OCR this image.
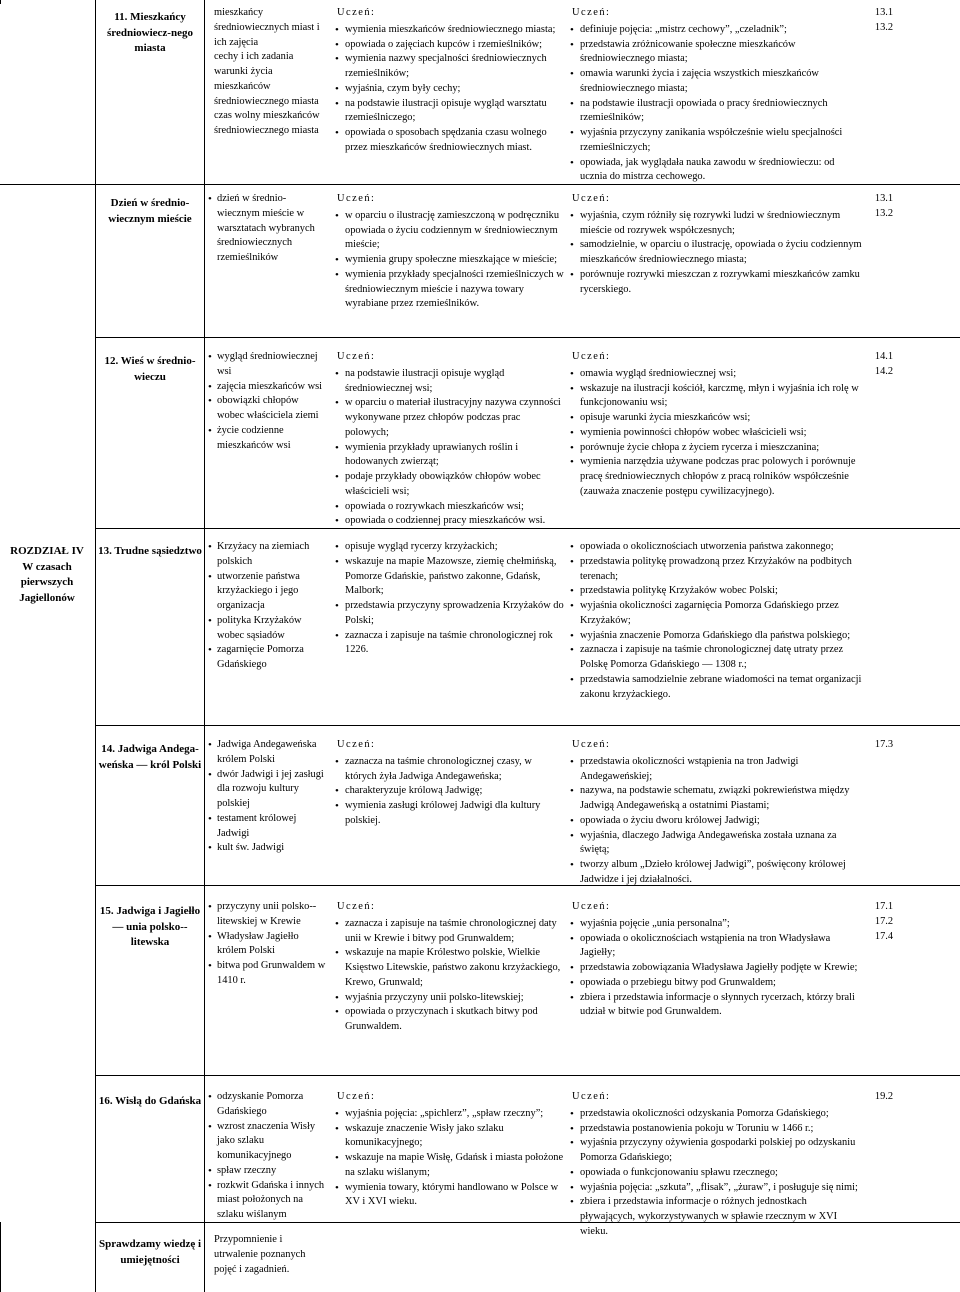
11. Mieszkańcy średniowiecz-nego miasta
mieszkańcy średniowiecznych miast i ich zajęcia
cechy i ich zadania
warunki życia mieszkańców średniowiecznego miasta
czas wolny mieszkańców średniowiecznego miasta
Uczeń:
• wymienia mieszkańców średniowiecznego miasta;
• opowiada o zajęciach kupców i rzemieślników;
• wymienia nazwy specjalności średniowiecznych rzemieślników;
• wyjaśnia, czym były cechy;
• na podstawie ilustracji opisuje wygląd warsztatu rzemieślniczego;
• opowiada o sposobach spędzania czasu wolnego przez mieszkańców średniowiecznych miast.
Uczeń:
• definiuje pojęcia: „mistrz cechowy”, „czeladnik”;
• przedstawia zróżnicowanie społeczne mieszkańców średniowiecznego miasta;
• omawia warunki życia i zajęcia wszystkich mieszkańców średniowiecznego miasta;
• na podstawie ilustracji opowiada o pracy średniowiecznych rzemieślników;
• wyjaśnia przyczyny zanikania współcześnie wielu specjalności rzemieślniczych;
• opowiada, jak wyglądała nauka zawodu w średniowieczu: od ucznia do mistrza cechowego.
13.1
13.2
Dzień w średnio-wiecznym mieście
• dzień w średnio-wiecznym mieście w warsztatach wybranych średniowiecznych rzemieślników
Uczeń:
• w oparciu o ilustrację zamieszczoną w podręczniku opowiada o życiu codziennym w średniowiecznym mieście;
• wymienia grupy społeczne mieszkające w mieście;
• wymienia przykłady specjalności rzemieślniczych w średniowiecznym mieście i nazywa towary wyrabiane przez rzemieślników.
Uczeń:
• wyjaśnia, czym różniły się rozrywki ludzi w średniowiecznym mieście od rozrywek współczesnych;
• samodzielnie, w oparciu o ilustrację, opowiada o życiu codziennym mieszkańców średniowiecznego miasta;
• porównuje rozrywki mieszczan z rozrywkami mieszkańców zamku rycerskiego.
13.1
13.2
12. Wieś w średnio-wieczu
• wygląd średniowiecznej wsi
• zajęcia mieszkańców wsi
• obowiązki chłopów wobec właściciela ziemi
• życie codzienne mieszkańców wsi
Uczeń:
• na podstawie ilustracji opisuje wygląd średniowiecznej wsi;
• w oparciu o materiał ilustracyjny nazywa czynności wykonywane przez chłopów podczas prac polowych;
• wymienia przykłady uprawianych roślin i hodowanych zwierząt;
• podaje przykłady obowiązków chłopów wobec właścicieli wsi;
• opowiada o rozrywkach mieszkańców wsi;
• opowiada o codziennej pracy mieszkańców wsi.
Uczeń:
• omawia wygląd średniowiecznej wsi;
• wskazuje na ilustracji kościół, karczmę, młyn i wyjaśnia ich rolę w funkcjonowaniu wsi;
• opisuje warunki życia mieszkańców wsi;
• wymienia powinności chłopów wobec właścicieli wsi;
• porównuje życie chłopa z życiem rycerza i mieszczanina;
• wymienia narzędzia używane podczas prac polowych i porównuje pracę średniowiecznych chłopów z pracą rolników współcześnie (zauważa znaczenie postępu cywilizacyjnego).
14.1
14.2
ROZDZIAŁ IV W czasach pierwszych Jagiellonów
13. Trudne sąsiedztwo	• Krzyżacy na ziemiach polskich
• utworzenie państwa krzyżackiego i jego organizacja
• polityka Krzyżaków wobec sąsiadów
• zagarnięcie Pomorza Gdańskiego
• opisuje wygląd rycerzy krzyżackich;
• wskazuje na mapie Mazowsze, ziemię chełmińską, Pomorze Gdańskie, państwo zakonne, Gdańsk, Malbork;
• przedstawia przyczyny sprowadzenia Krzyżaków do Polski;
• zaznacza i zapisuje na taśmie chronologicznej rok 1226.
• opowiada o okolicznościach utworzenia państwa zakonnego;
• przedstawia politykę prowadzoną przez Krzyżaków na podbitych terenach;
• przedstawia politykę Krzyżaków wobec Polski;
• wyjaśnia okoliczności zagarnięcia Pomorza Gdańskiego przez Krzyżaków;
• wyjaśnia znaczenie Pomorza Gdańskiego dla państwa polskiego;
• zaznacza i zapisuje na taśmie chronologicznej datę utraty przez Polskę Pomorza Gdańskiego — 1308 r.;
• przedstawia samodzielnie zebrane wiadomości na temat organizacji zakonu krzyżackiego.
14. Jadwiga Andega-weńska — król Polski
• Jadwiga Andegaweńska królem Polski
• dwór Jadwigi i jej zasługi dla rozwoju kultury polskiej
• testament królowej Jadwigi
• kult św. Jadwigi
Uczeń:
• zaznacza na taśmie chronologicznej czasy, w których żyła Jadwiga Andegaweńska;
• charakteryzuje królową Jadwigę;
• wymienia zasługi królowej Jadwigi dla kultury polskiej.
Uczeń:
• przedstawia okoliczności wstąpienia na tron Jadwigi Andegaweńskiej;
• nazywa, na podstawie schematu, związki pokrewieństwa między Jadwigą Andegaweńską a ostatnimi Piastami;
• opowiada o życiu dworu królowej Jadwigi;
• wyjaśnia, dlaczego Jadwiga Andegaweńska została uznana za świętą;
• tworzy album „Dzieło królowej Jadwigi”, poświęcony królowej Jadwidze i jej działalności.
17.3
15. Jadwiga i Jagiełło — unia polsko--litewska
• przyczyny unii polsko--litewskiej w Krewie
• Władysław Jagiełło królem Polski
• bitwa pod Grunwaldem w 1410 r.
Uczeń:
• zaznacza i zapisuje na taśmie chronologicznej daty unii w Krewie i bitwy pod Grunwaldem;
• wskazuje na mapie Królestwo polskie, Wielkie Księstwo Litewskie, państwo zakonu krzyżackiego, Krewo, Grunwald;
• wyjaśnia przyczyny unii polsko-litewskiej;
• opowiada o przyczynach i skutkach bitwy pod Grunwaldem.
Uczeń:
• wyjaśnia pojęcie „unia personalna”;
• opowiada o okolicznościach wstąpienia na tron Władysława Jagiełły;
• przedstawia zobowiązania Władysława Jagiełły podjęte w Krewie;
• opowiada o przebiegu bitwy pod Grunwaldem;
• zbiera i przedstawia informacje o słynnych rycerzach, którzy brali udział w bitwie pod Grunwaldem.
17.1
17.2
17.4
16. Wisłą do Gdańska	• odzyskanie Pomorza Gdańskiego
• wzrost znaczenia Wisły jako szlaku komunikacyjnego
• spław rzeczny
• rozkwit Gdańska i innych miast położonych na szlaku wiślanym
Uczeń:
• wyjaśnia pojęcia: „spichlerz”, „spław rzeczny”;
• wskazuje znaczenie Wisły jako szlaku komunikacyjnego;
• wskazuje na mapie Wisłę, Gdańsk i miasta położone na szlaku wiślanym;
• wymienia towary, którymi handlowano w Polsce w XV i XVI wieku.
Uczeń:
• przedstawia okoliczności odzyskania Pomorza Gdańskiego;
• przedstawia postanowienia pokoju w Toruniu w 1466 r.;
• wyjaśnia przyczyny ożywienia gospodarki polskiej po odzyskaniu Pomorza Gdańskiego;
• opowiada o funkcjonowaniu spławu rzecznego;
• wyjaśnia pojęcia: „szkuta”, „flisak”, „żuraw”, i posługuje się nimi;
• zbiera i przedstawia informacje o różnych jednostkach pływających, wykorzystywanych w spławie rzecznym w XVI wieku.
19.2
Sprawdzamy wiedzę i umiejętności
Przypomnienie i utrwalenie poznanych pojęć i zagadnień.
